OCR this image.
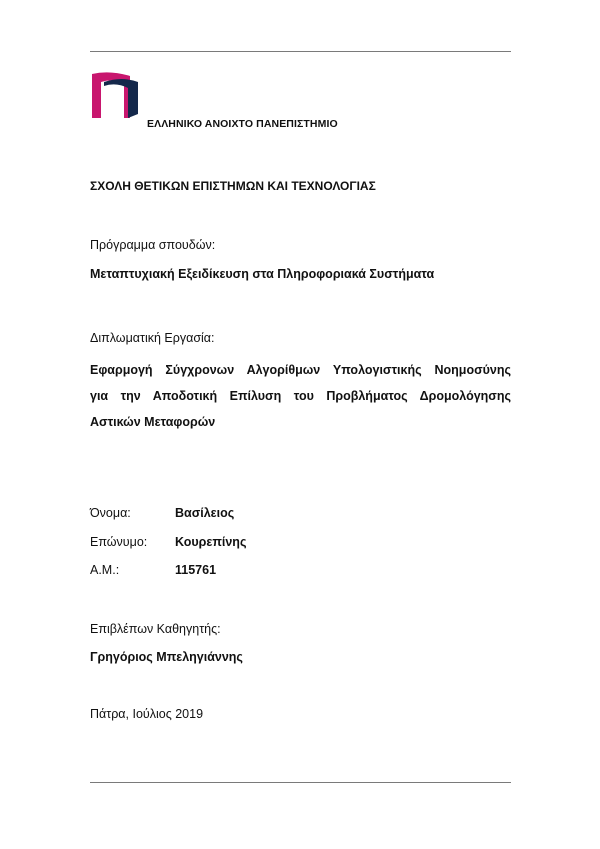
ΕΛΛΗΝΙΚΟ ΑΝΟΙΧΤΟ ΠΑΝΕΠΙΣΤΗΜΙΟ
ΣΧΟΛΗ ΘΕΤΙΚΩΝ ΕΠΙΣΤΗΜΩΝ ΚΑΙ ΤΕΧΝΟΛΟΓΙΑΣ
Πρόγραμμα σπουδών:
Μεταπτυχιακή Εξειδίκευση στα Πληροφοριακά Συστήματα
Διπλωματική Εργασία:
Εφαρμογή Σύγχρονων Αλγορίθμων Υπολογιστικής Νοημοσύνης
για την Αποδοτική Επίλυση του Προβλήματος Δρομολόγησης
Αστικών Μεταφορών
Όνομα:	Βασίλειος
Επώνυμο: Κουρεπίνης
Α.Μ.:	115761
Επιβλέπων Καθηγητής:
Γρηγόριος Μπεληγιάννης
Πάτρα, Ιούλιος 2019
